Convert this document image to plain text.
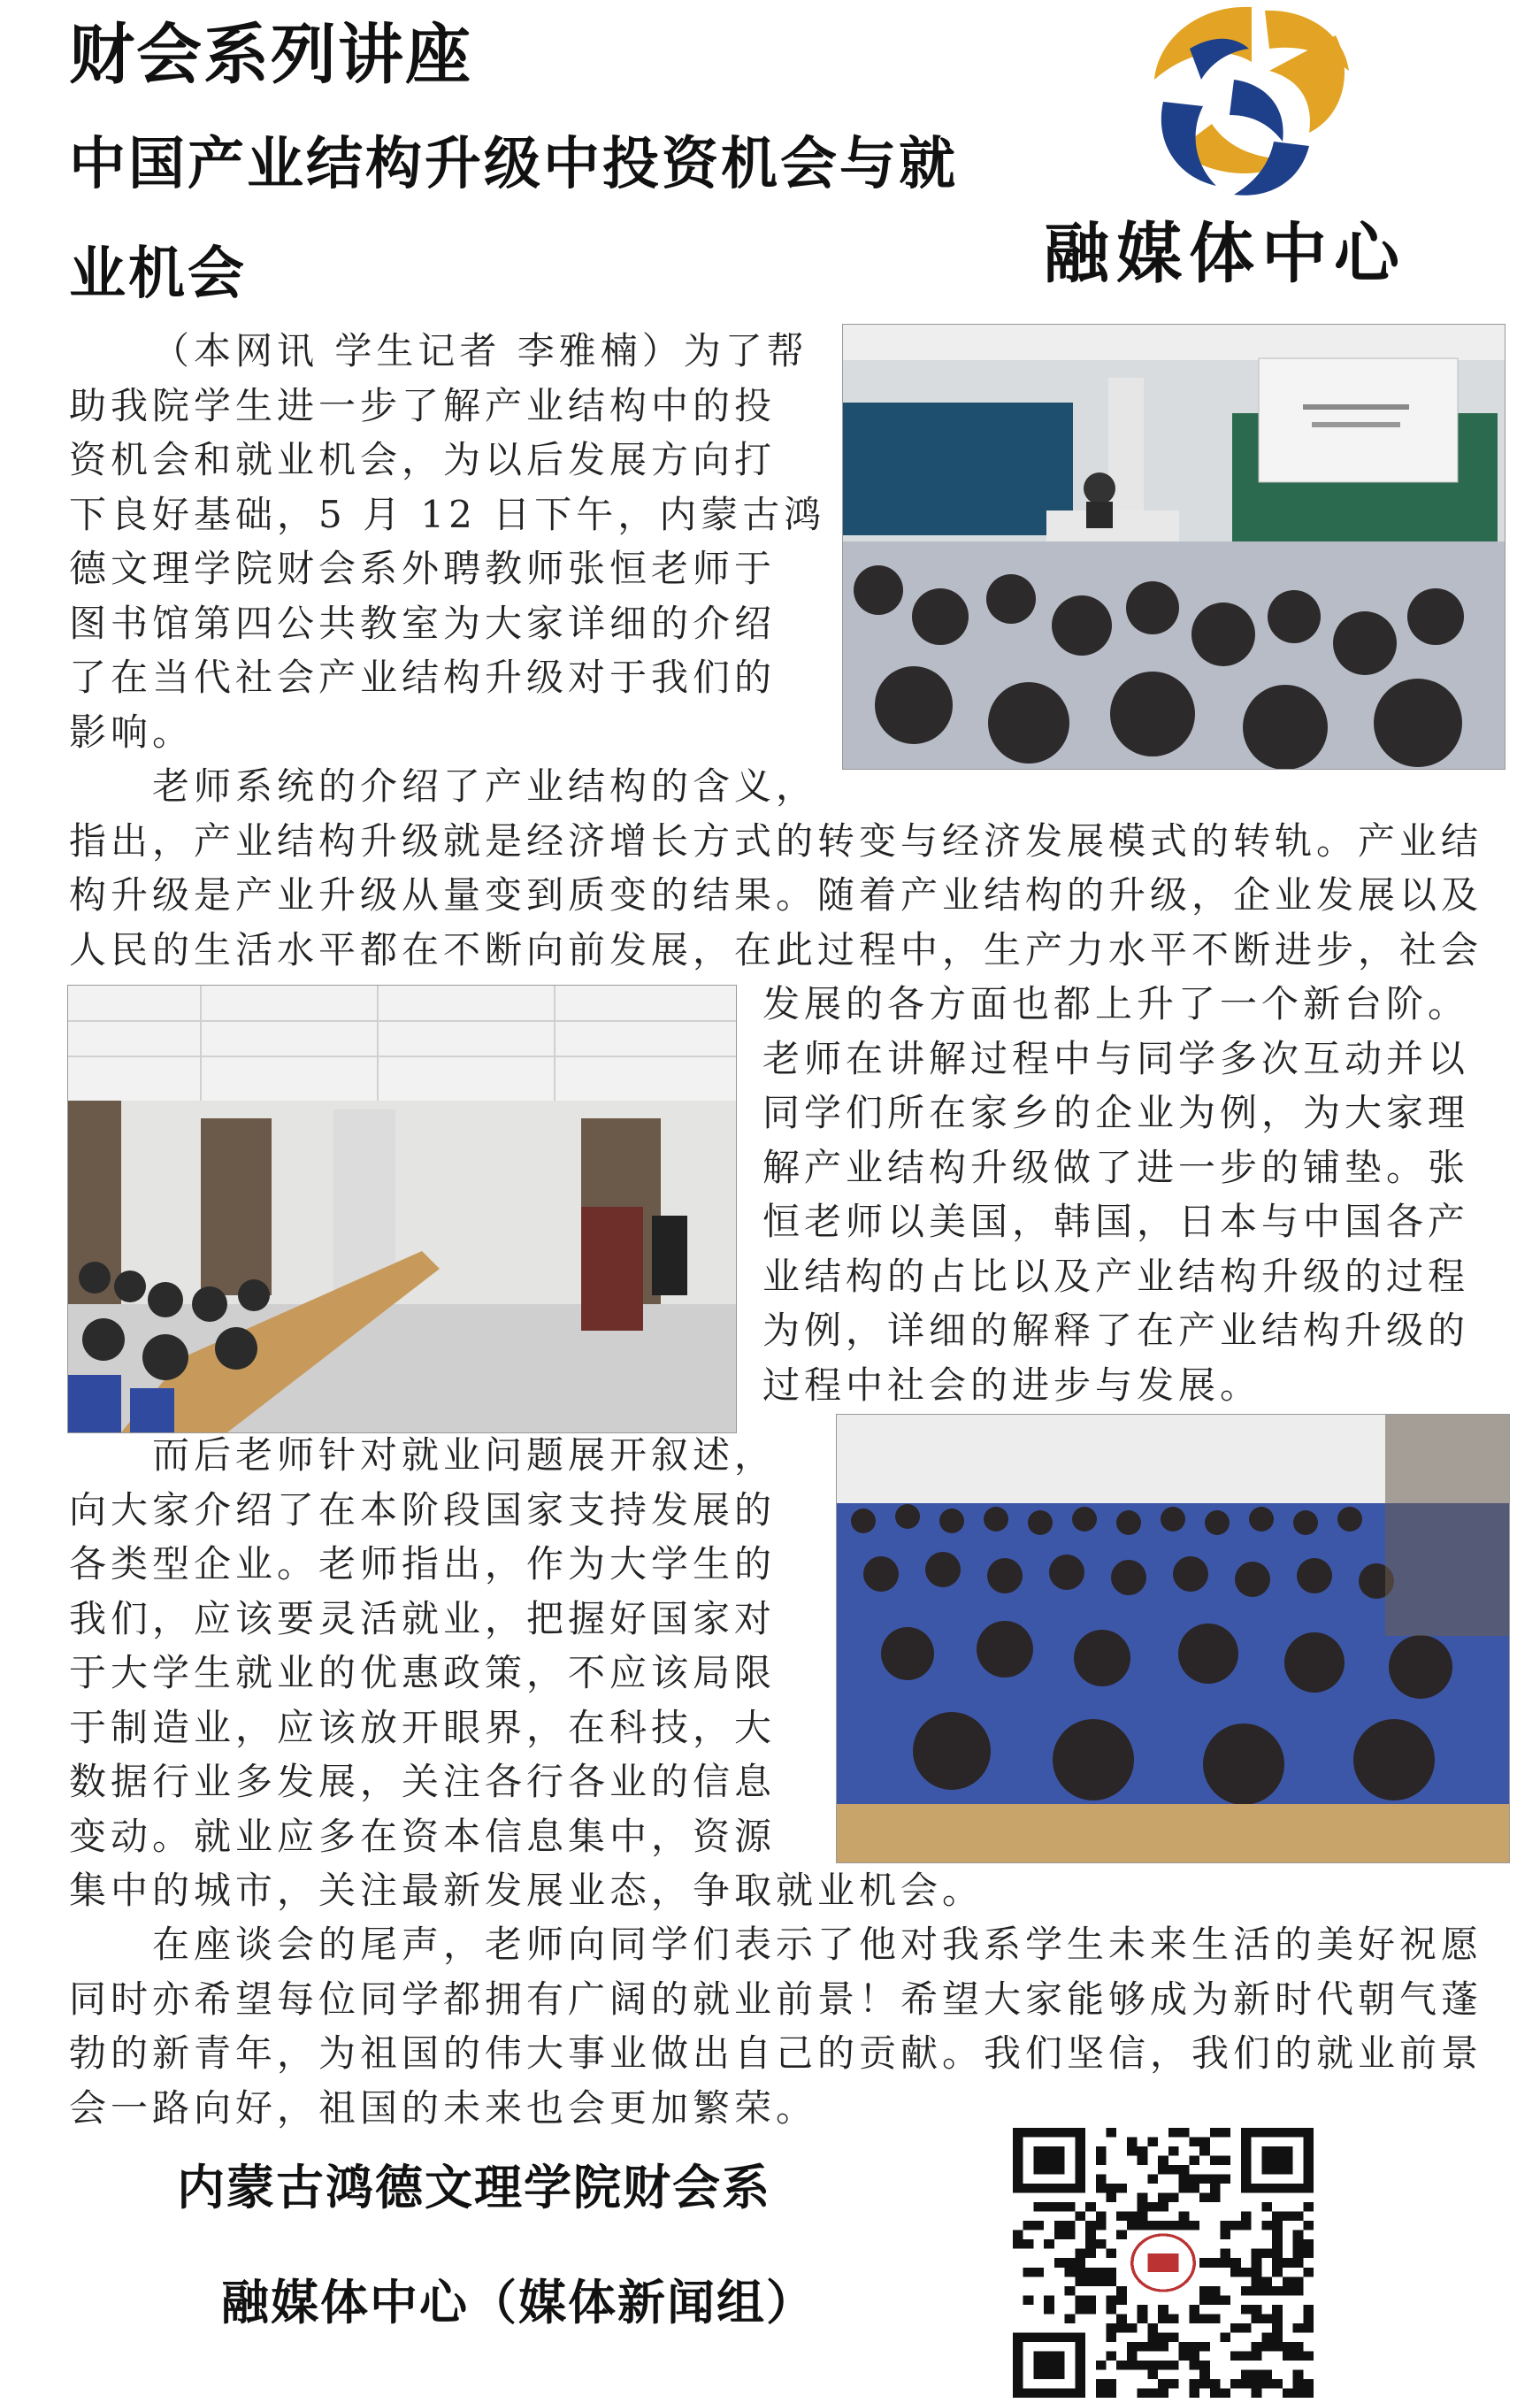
财会系列讲座
中国产业结构升级中投资机会与就
业机会	融媒体中心

（本网讯 学生记者 李雅楠）为了帮

助我院学生进一步了解产业结构中的投

资机会和就业机会，为以后发展方向打

下良好基础，5 月 12 日下午，内蒙古鸿

德文理学院财会系外聘教师张恒老师于

图书馆第四公共教室为大家详细的介绍

了在当代社会产业结构升级对于我们的

影响。

老师系统的介绍了产业结构的含义，

指出，产业结构升级就是经济增长方式的转变与经济发展模式的转轨。产业结

构升级是产业升级从量变到质变的结果。随着产业结构的升级，企业发展以及

人民的生活水平都在不断向前发展，在此过程中，生产力水平不断进步，社会

发展的各方面也都上升了一个新台阶。

老师在讲解过程中与同学多次互动并以

同学们所在家乡的企业为例，为大家理

解产业结构升级做了进一步的铺垫。张

恒老师以美国，韩国，日本与中国各产

业结构的占比以及产业结构升级的过程

为例，详细的解释了在产业结构升级的

过程中社会的进步与发展。

而后老师针对就业问题展开叙述，

向大家介绍了在本阶段国家支持发展的

各类型企业。老师指出，作为大学生的

我们，应该要灵活就业，把握好国家对

于大学生就业的优惠政策，不应该局限

于制造业，应该放开眼界，在科技，大

数据行业多发展，关注各行各业的信息

变动。就业应多在资本信息集中，资源

集中的城市，关注最新发展业态，争取就业机会。

在座谈会的尾声，老师向同学们表示了他对我系学生未来生活的美好祝愿

同时亦希望每位同学都拥有广阔的就业前景！希望大家能够成为新时代朝气蓬

勃的新青年，为祖国的伟大事业做出自己的贡献。我们坚信，我们的就业前景

会一路向好，祖国的未来也会更加繁荣。

内蒙古鸿德文理学院财会系
融媒体中心（媒体新闻组）
